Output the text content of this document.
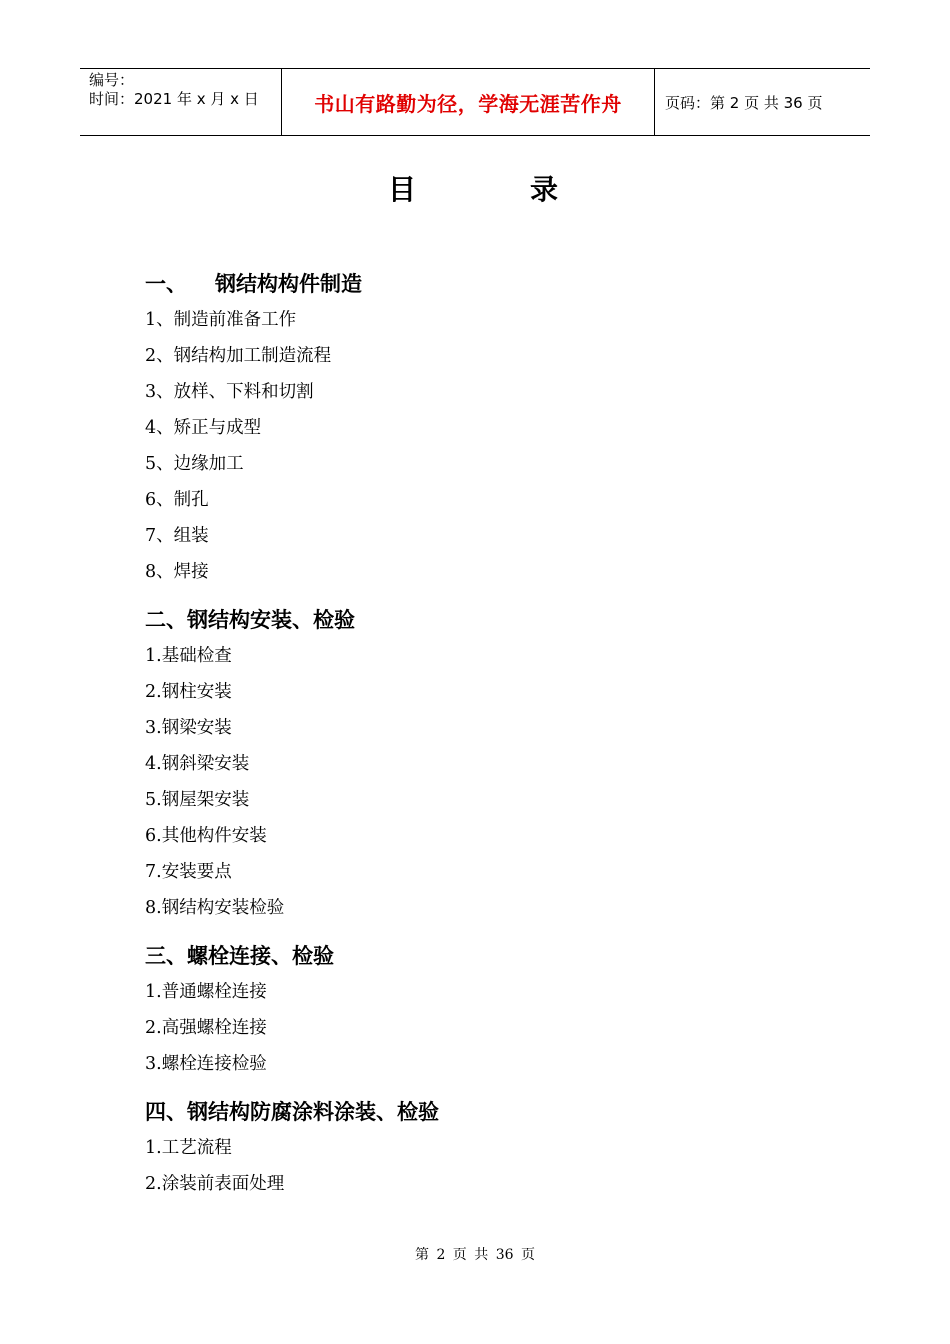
编号：
时间：2021 年 x 月 x 日	书山有路勤为径，学海无涯苦作舟	页码：第 2 页 共 36 页
目	录
一、 钢结构构件制造
1、制造前准备工作
2、钢结构加工制造流程
3、放样、下料和切割
4、矫正与成型
5、边缘加工
6、制孔
7、组装
8、焊接
二、钢结构安装、检验
1.基础检查
2.钢柱安装
3.钢梁安装
4.钢斜梁安装
5.钢屋架安装
6.其他构件安装
7.安装要点
8.钢结构安装检验
三、螺栓连接、检验
1.普通螺栓连接
2.高强螺栓连接
3.螺栓连接检验
四、钢结构防腐涂料涂装、检验
1.工艺流程
2.涂装前表面处理
第 2 页 共 36 页
